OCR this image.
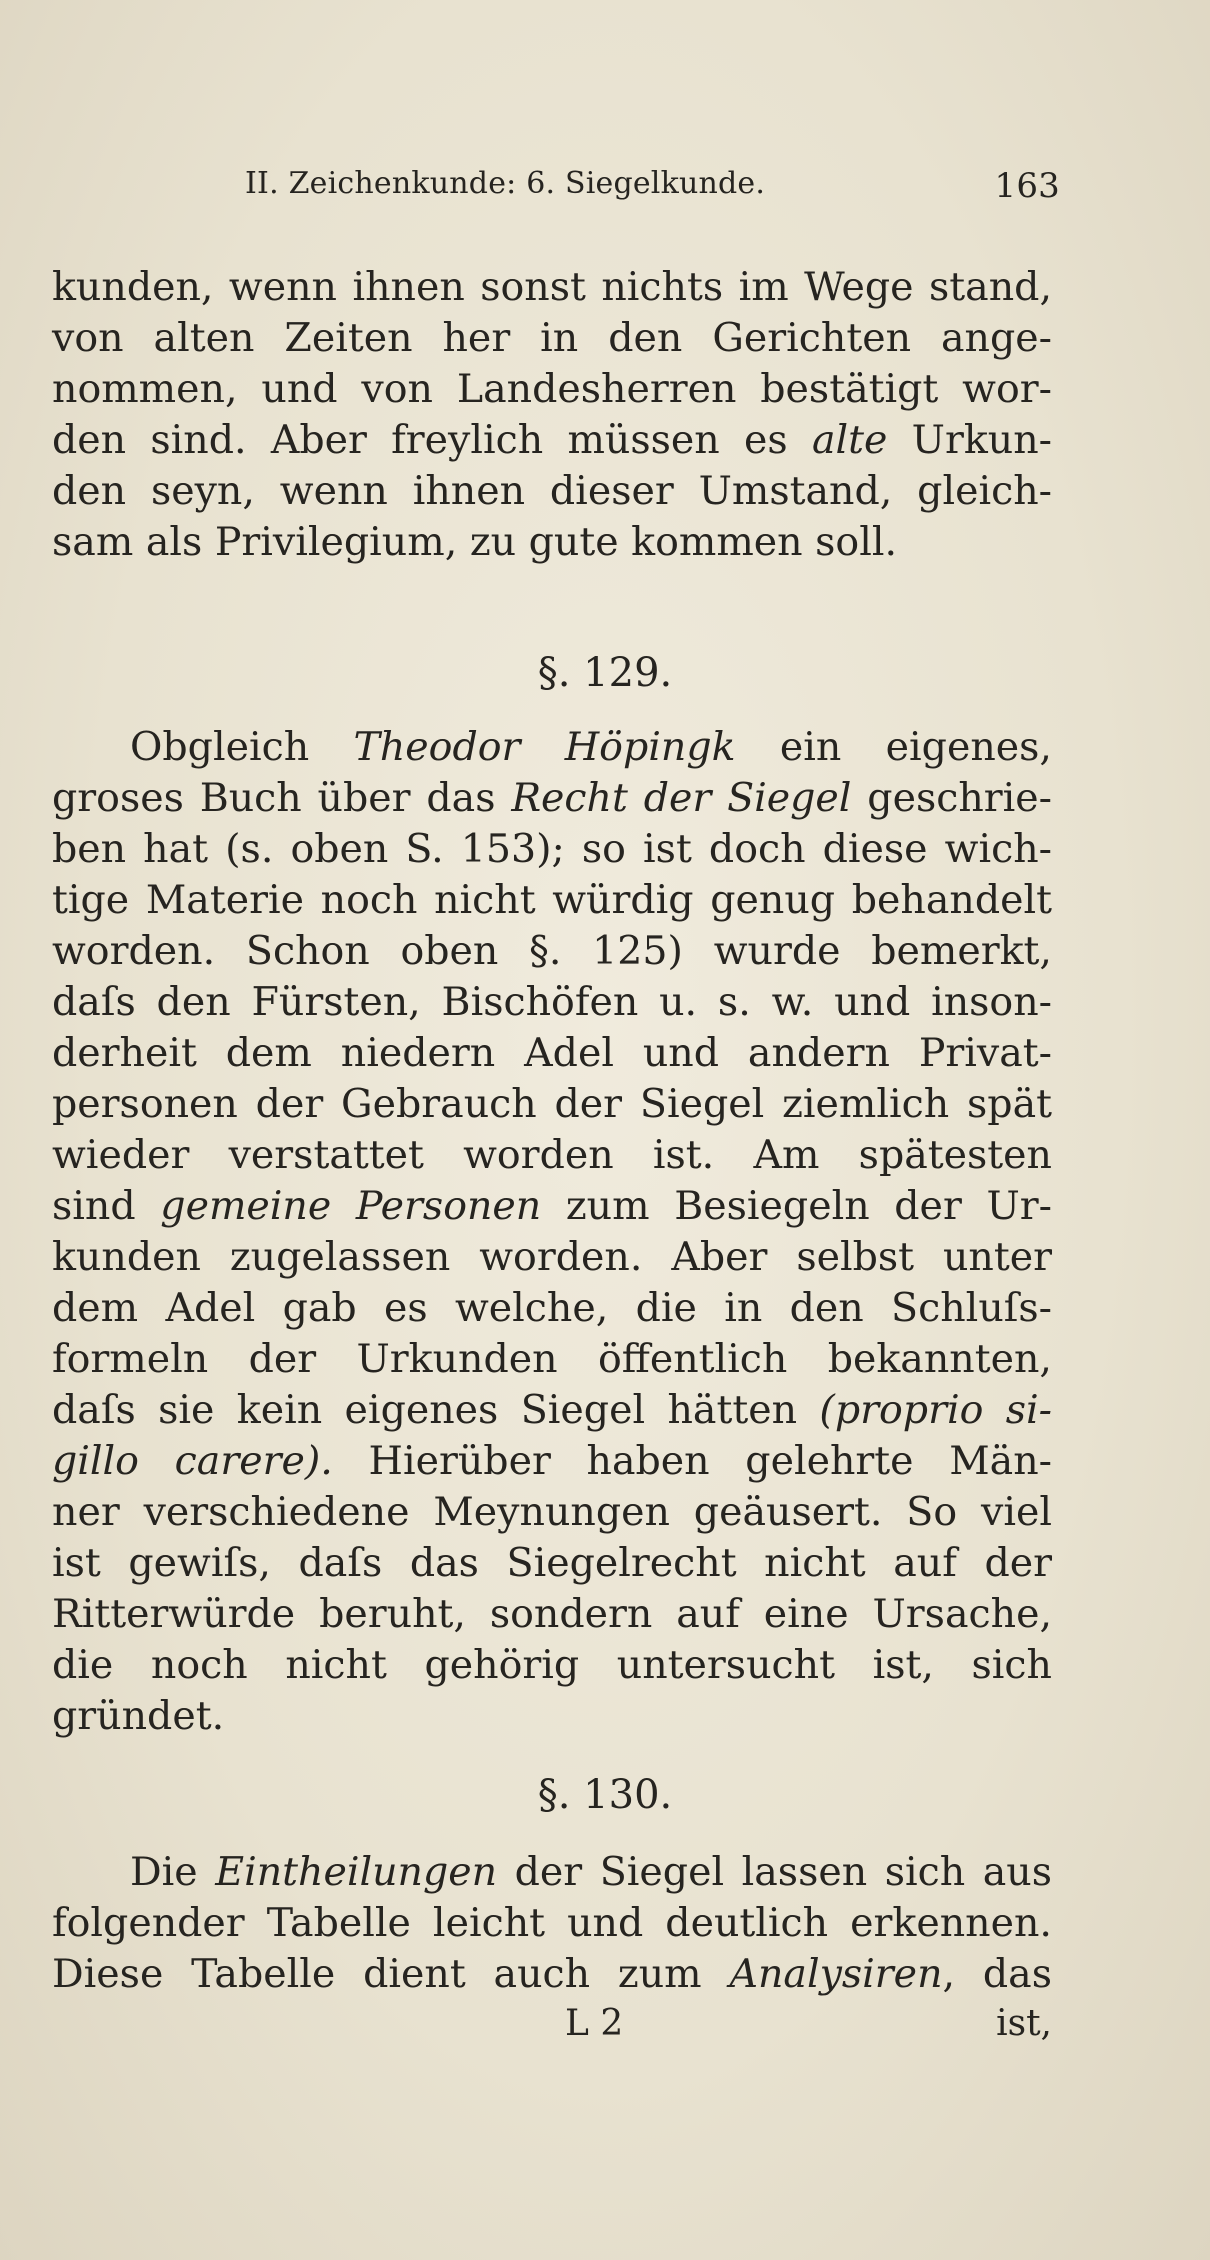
II. Zeichenkunde: 6. Siegelkunde.	163
kunden, wenn ihnen sonst nichts im Wege stand,
von alten Zeiten her in den Gerichten ange-
nommen, und von Landesherren bestätigt wor-
den sind. Aber freylich müssen es alte Urkun-
den seyn, wenn ihnen dieser Umstand, gleich-
sam als Privilegium, zu gute kommen soll.
§. 129.
Obgleich Theodor Höpingk ein eigenes,
groses Buch über das Recht der Siegel geschrie-
ben hat (s. oben S. 153); so ist doch diese wich-
tige Materie noch nicht würdig genug behandelt
worden. Schon oben §. 125) wurde bemerkt,
daſs den Fürsten, Bischöfen u. s. w. und inson-
derheit dem niedern Adel und andern Privat-
personen der Gebrauch der Siegel ziemlich spät
wieder verstattet worden ist. Am spätesten
sind gemeine Personen zum Besiegeln der Ur-
kunden zugelassen worden. Aber selbst unter
dem Adel gab es welche, die in den Schluſs-
formeln der Urkunden öffentlich bekannten,
daſs sie kein eigenes Siegel hätten (proprio si-
gillo carere). Hierüber haben gelehrte Män-
ner verschiedene Meynungen geäusert. So viel
ist gewiſs, daſs das Siegelrecht nicht auf der
Ritterwürde beruht, sondern auf eine Ursache,
die noch nicht gehörig untersucht ist, sich
gründet.
§. 130.
Die Eintheilungen der Siegel lassen sich aus
folgender Tabelle leicht und deutlich erkennen.
Diese Tabelle dient auch zum Analysiren, das
L 2	ist,
